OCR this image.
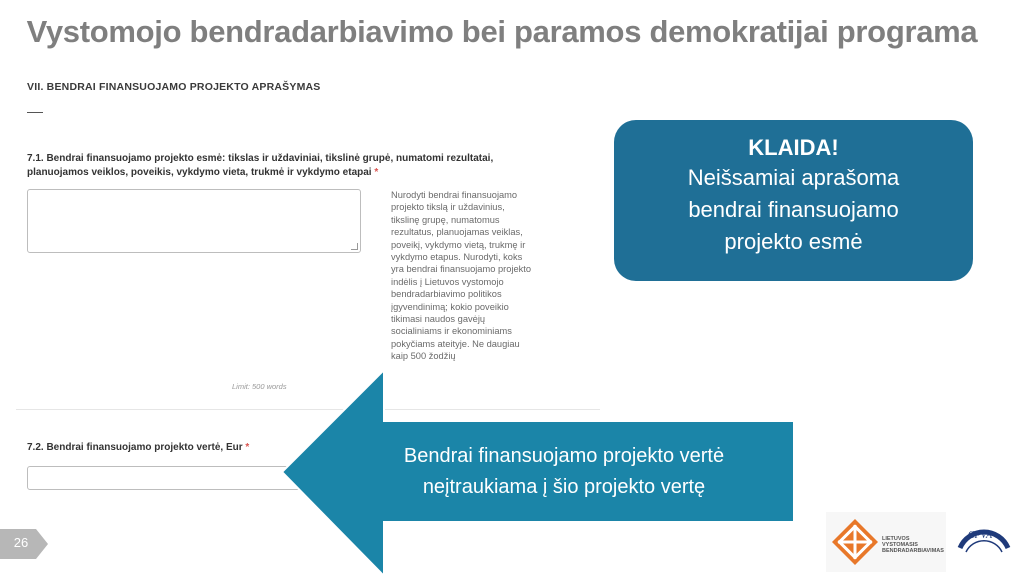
Vystomojo bendradarbiavimo bei paramos demokratijai programa
VII. BENDRAI FINANSUOJAMO PROJEKTO APRAŠYMAS
7.1. Bendrai finansuojamo projekto esmė: tikslas ir uždaviniai, tikslinė grupė, numatomi rezultatai, planuojamos veiklos, poveikis, vykdymo vieta, trukmė ir vykdymo etapai *
Nurodyti bendrai finansuojamo
projekto tikslą ir uždavinius,
tikslinę grupę, numatomus
rezultatus, planuojamas veiklas,
poveikį, vykdymo vietą, trukmę ir
vykdymo etapus. Nurodyti, koks
yra bendrai finansuojamo projekto
indėlis į Lietuvos vystomojo
bendradarbiavimo politikos
įgyvendinimą; kokio poveikio
tikimasi naudos gavėjų
socialiniams ir ekonominiams
pokyčiams ateityje. Ne daugiau
kaip 500 žodžių
Limit: 500 words
7.2. Bendrai finansuojamo projekto vertė, Eur *
KLAIDA!
Neišsamiai aprašoma
bendrai finansuojamo
projekto esmė
Bendrai finansuojamo projekto vertė
neįtraukiama į šio projekto vertę
26	LIETUVOS
VYSTOMASIS
BENDRADARBIAVIMAS
CPVA
